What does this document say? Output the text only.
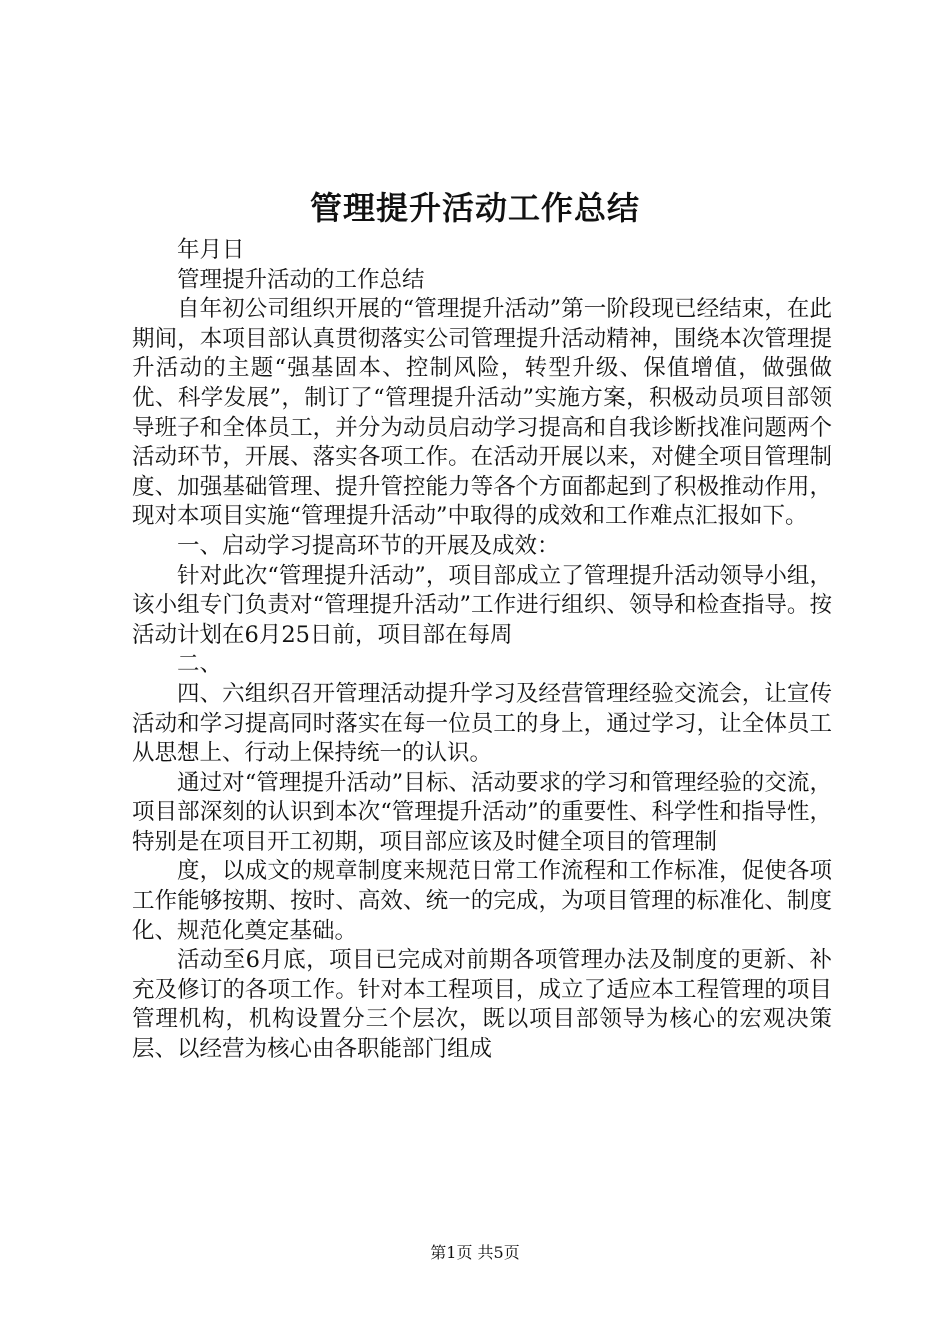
管理提升活动工作总结

年月日

管理提升活动的工作总结

自年初公司组织开展的“管理提升活动”第一阶段现已经结束，在此期间，本项目部认真贯彻落实公司管理提升活动精神，围绕本次管理提升活动的主题“强基固本、控制风险，转型升级、保值增值，做强做优、科学发展”，制订了“管理提升活动”实施方案，积极动员项目部领导班子和全体员工，并分为动员启动学习提高和自我诊断找准问题两个活动环节，开展、落实各项工作。在活动开展以来，对健全项目管理制度、加强基础管理、提升管控能力等各个方面都起到了积极推动作用，现对本项目实施“管理提升活动”中取得的成效和工作难点汇报如下。

一、启动学习提高环节的开展及成效：

针对此次“管理提升活动”，项目部成立了管理提升活动领导小组，该小组专门负责对“管理提升活动”工作进行组织、领导和检查指导。按活动计划在6月25日前，项目部在每周

二、

四、六组织召开管理活动提升学习及经营管理经验交流会，让宣传活动和学习提高同时落实在每一位员工的身上，通过学习，让全体员工从思想上、行动上保持统一的认识。

通过对“管理提升活动”目标、活动要求的学习和管理经验的交流，项目部深刻的认识到本次“管理提升活动”的重要性、科学性和指导性，特别是在项目开工初期，项目部应该及时健全项目的管理制

度，以成文的规章制度来规范日常工作流程和工作标准，促使各项工作能够按期、按时、高效、统一的完成，为项目管理的标准化、制度化、规范化奠定基础。

活动至6月底，项目已完成对前期各项管理办法及制度的更新、补充及修订的各项工作。针对本工程项目，成立了适应本工程管理的项目管理机构，机构设置分三个层次，既以项目部领导为核心的宏观决策层、以经营为核心由各职能部门组成

第1页 共5页
